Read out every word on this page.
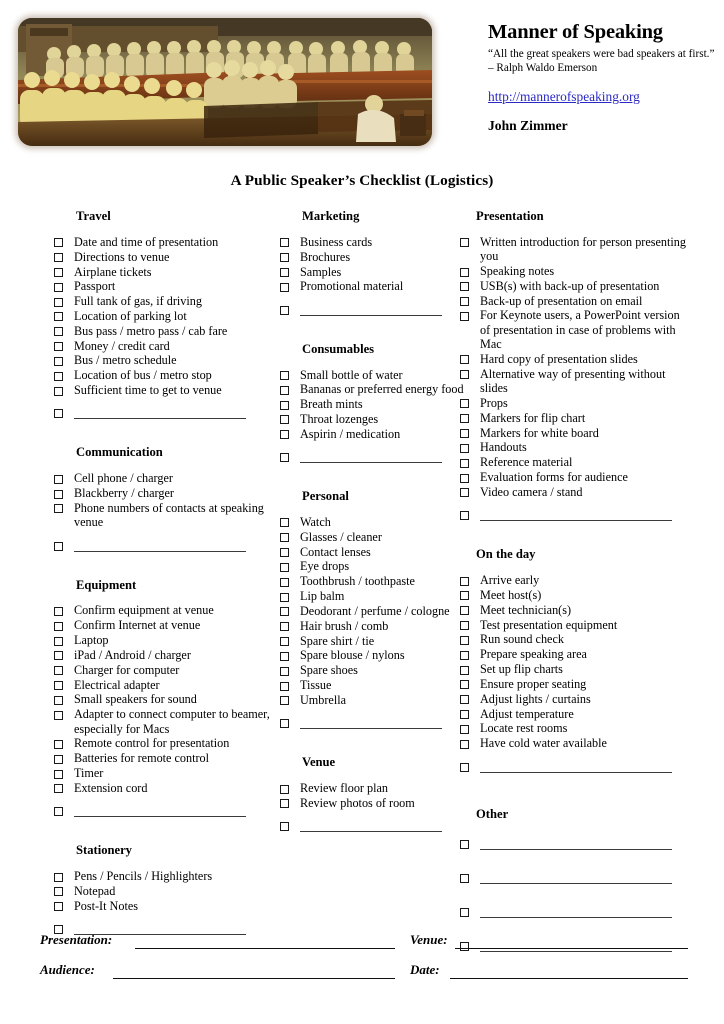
Manner of Speaking
“All the great speakers were bad speakers at first.” – Ralph Waldo Emerson
http://mannerofspeaking.org
John Zimmer
A Public Speaker’s Checklist (Logistics)
Travel
Date and time of presentation
Directions to venue
Airplane tickets
Passport
Full tank of gas, if driving
Location of parking lot
Bus pass / metro pass / cab fare
Money / credit card
Bus / metro schedule
Location of bus / metro stop
Sufficient time to get to venue
Communication
Cell phone / charger
Blackberry / charger
Phone numbers of contacts at speaking venue
Equipment
Confirm equipment at venue
Confirm Internet at venue
Laptop
iPad / Android / charger
Charger for computer
Electrical adapter
Small speakers for sound
Adapter to connect computer to beamer, especially for Macs
Remote control for presentation
Batteries for remote control
Timer
Extension cord
Stationery
Pens / Pencils / Highlighters
Notepad
Post-It Notes
Marketing
Business cards
Brochures
Samples
Promotional material
Consumables
Small bottle of water
Bananas or preferred energy food
Breath mints
Throat lozenges
Aspirin / medication
Personal
Watch
Glasses / cleaner
Contact lenses
Eye drops
Toothbrush / toothpaste
Lip balm
Deodorant / perfume / cologne
Hair brush / comb
Spare shirt / tie
Spare blouse / nylons
Spare shoes
Tissue
Umbrella
Venue
Review floor plan
Review photos of room
Presentation
Written introduction for person presenting you
Speaking notes
USB(s) with back-up of presentation
Back-up of presentation on email
For Keynote users, a PowerPoint version of presentation in case of problems with Mac
Hard copy of presentation slides
Alternative way of presenting without slides
Props
Markers for flip chart
Markers for white board
Handouts
Reference material
Evaluation forms for audience
Video camera / stand
On the day
Arrive early
Meet host(s)
Meet technician(s)
Test presentation equipment
Run sound check
Prepare speaking area
Set up flip charts
Ensure proper seating
Adjust lights / curtains
Adjust temperature
Locate rest rooms
Have cold water available
Other
Presentation:	Venue:
Audience:	Date:
